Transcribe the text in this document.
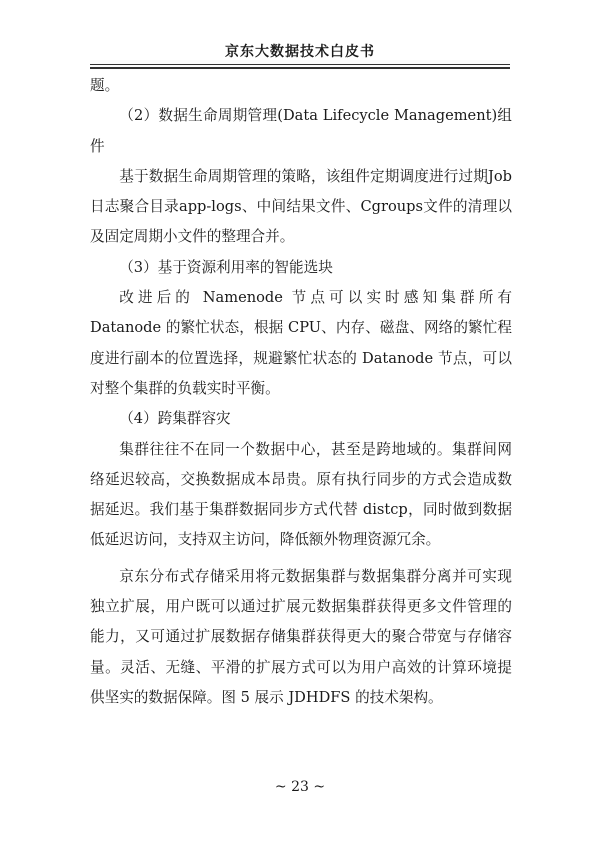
京东大数据技术白皮书

题。

（2）数据生命周期管理(Data Lifecycle Management)组件

基于数据生命周期管理的策略，该组件定期调度进行过期Job日志聚合目录app-logs、中间结果文件、Cgroups文件的清理以及固定周期小文件的整理合并。

（3）基于资源利用率的智能选块

改进后的 Namenode 节点可以实时感知集群所有 Datanode 的繁忙状态，根据 CPU、内存、磁盘、网络的繁忙程度进行副本的位置选择，规避繁忙状态的 Datanode 节点，可以对整个集群的负载实时平衡。

（4）跨集群容灾

集群往往不在同一个数据中心，甚至是跨地域的。集群间网络延迟较高，交换数据成本昂贵。原有执行同步的方式会造成数据延迟。我们基于集群数据同步方式代替 distcp，同时做到数据低延迟访问，支持双主访问，降低额外物理资源冗余。

京东分布式存储采用将元数据集群与数据集群分离并可实现独立扩展，用户既可以通过扩展元数据集群获得更多文件管理的能力，又可通过扩展数据存储集群获得更大的聚合带宽与存储容量。灵活、无缝、平滑的扩展方式可以为用户高效的计算环境提供坚实的数据保障。图 5 展示 JDHDFS 的技术架构。

~ 23 ~
